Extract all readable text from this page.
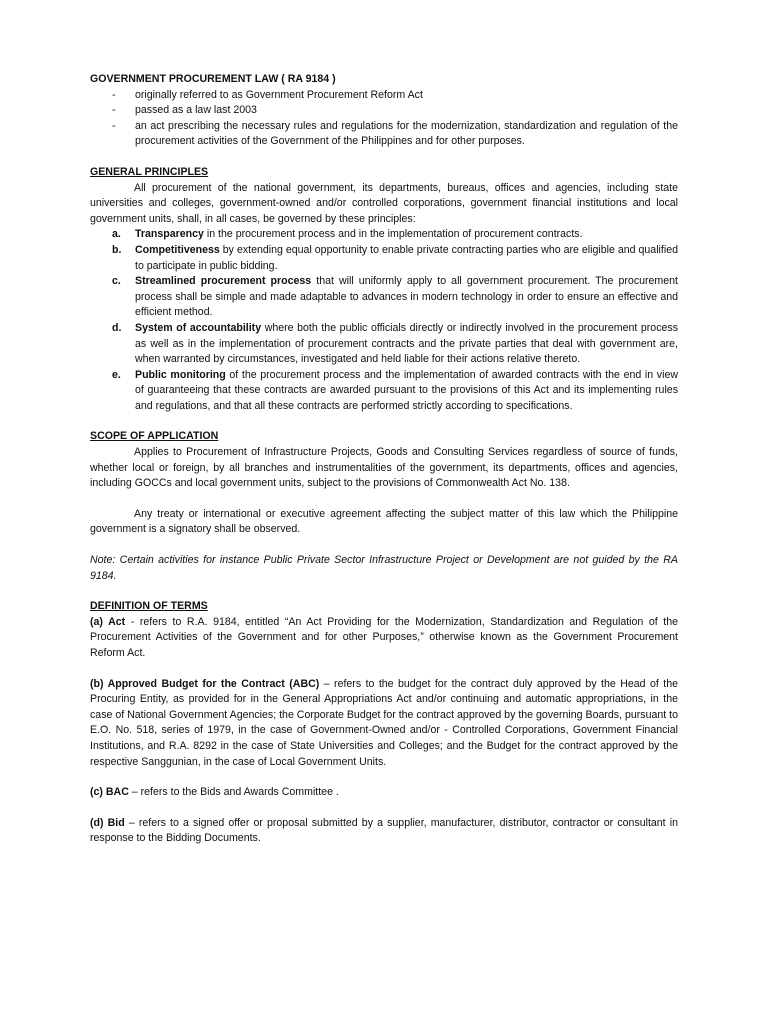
GOVERNMENT PROCUREMENT LAW ( RA 9184 )

- originally referred to as Government Procurement Reform Act
- passed as a law last 2003
- an act prescribing the necessary rules and regulations for the modernization, standardization and regulation of the procurement activities of the Government of the Philippines and for other purposes.

GENERAL PRINCIPLES

All procurement of the national government, its departments, bureaus, offices and agencies, including state universities and colleges, government-owned and/or controlled corporations, government financial institutions and local government units, shall, in all cases, be governed by these principles:

a. Transparency in the procurement process and in the implementation of procurement contracts.
b. Competitiveness by extending equal opportunity to enable private contracting parties who are eligible and qualified to participate in public bidding.
c. Streamlined procurement process that will uniformly apply to all government procurement. The procurement process shall be simple and made adaptable to advances in modern technology in order to ensure an effective and efficient method.
d. System of accountability where both the public officials directly or indirectly involved in the procurement process as well as in the implementation of procurement contracts and the private parties that deal with government are, when warranted by circumstances, investigated and held liable for their actions relative thereto.
e. Public monitoring of the procurement process and the implementation of awarded contracts with the end in view of guaranteeing that these contracts are awarded pursuant to the provisions of this Act and its implementing rules and regulations, and that all these contracts are performed strictly according to specifications.

SCOPE OF APPLICATION

Applies to Procurement of Infrastructure Projects, Goods and Consulting Services regardless of source of funds, whether local or foreign, by all branches and instrumentalities of the government, its departments, offices and agencies, including GOCCs and local government units, subject to the provisions of Commonwealth Act No. 138.

Any treaty or international or executive agreement affecting the subject matter of this law which the Philippine government is a signatory shall be observed.

Note: Certain activities for instance Public Private Sector Infrastructure Project or Development are not guided by the RA 9184.

DEFINITION OF TERMS

(a) Act - refers to R.A. 9184, entitled “An Act Providing for the Modernization, Standardization and Regulation of the Procurement Activities of the Government and for other Purposes,” otherwise known as the Government Procurement Reform Act.

(b) Approved Budget for the Contract (ABC) – refers to the budget for the contract duly approved by the Head of the Procuring Entity, as provided for in the General Appropriations Act and/or continuing and automatic appropriations, in the case of National Government Agencies; the Corporate Budget for the contract approved by the governing Boards, pursuant to E.O. No. 518, series of 1979, in the case of Government-Owned and/or - Controlled Corporations, Government Financial Institutions, and R.A. 8292 in the case of State Universities and Colleges; and the Budget for the contract approved by the respective Sanggunian, in the case of Local Government Units.

(c) BAC – refers to the Bids and Awards Committee .

(d) Bid – refers to a signed offer or proposal submitted by a supplier, manufacturer, distributor, contractor or consultant in response to the Bidding Documents.
